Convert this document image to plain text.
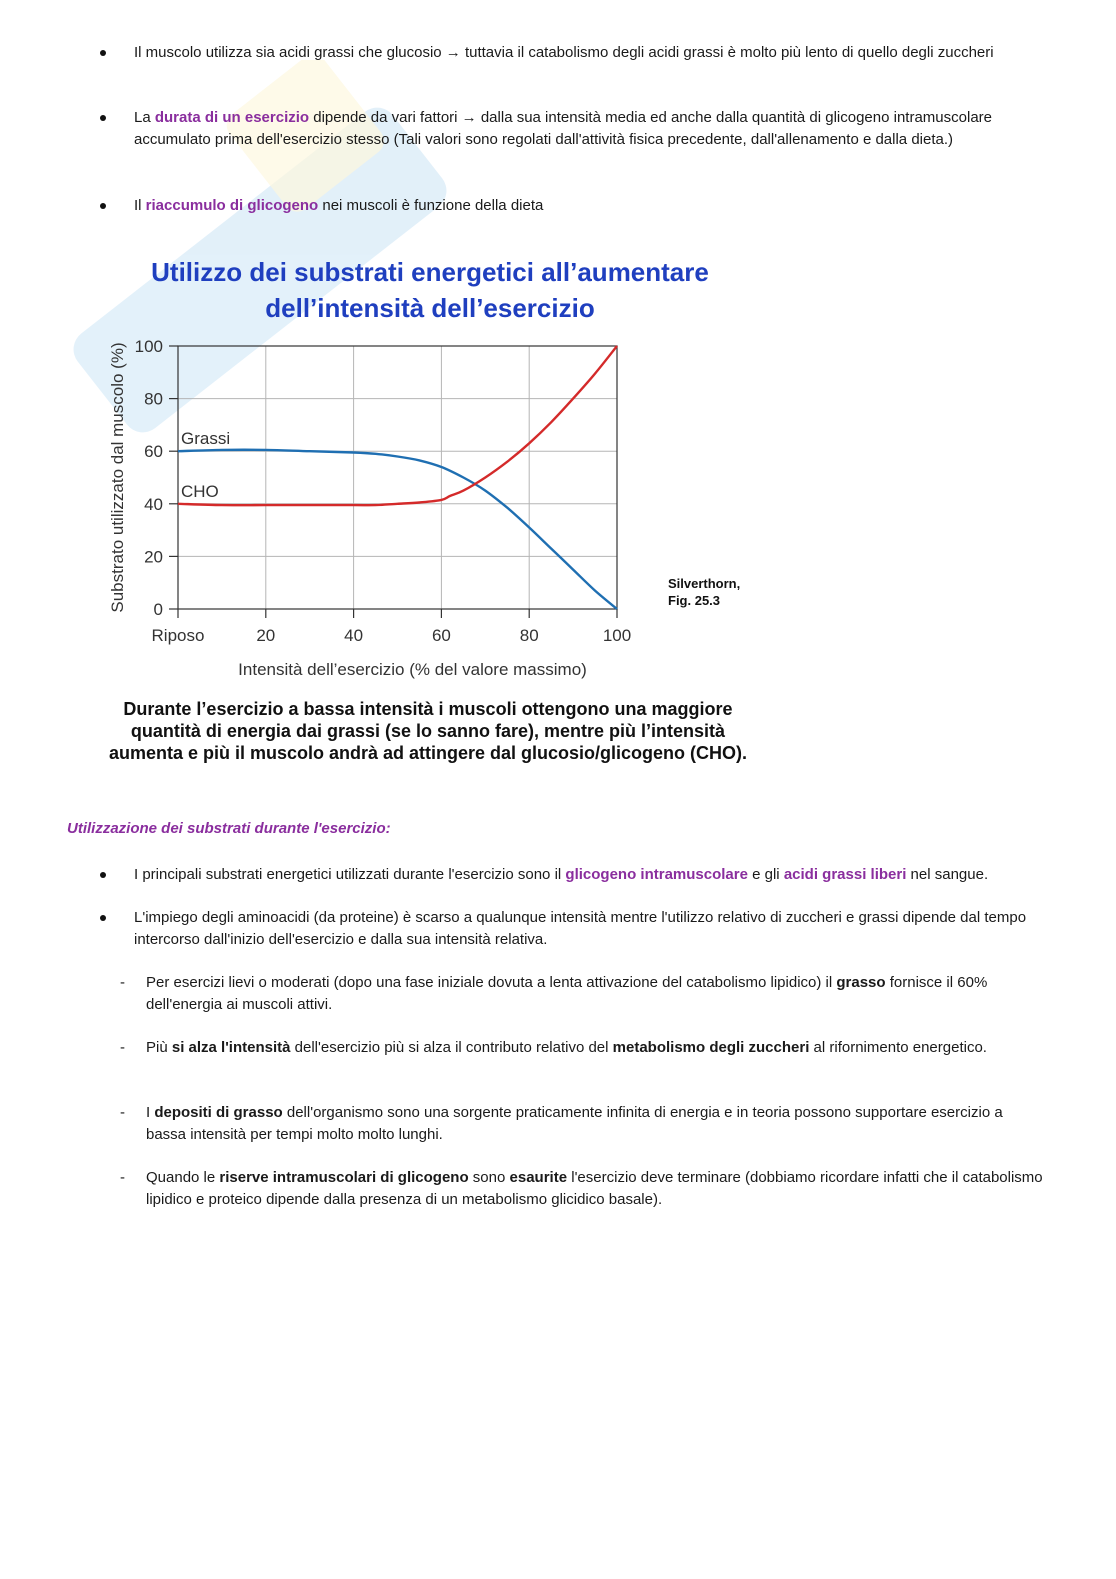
Il muscolo utilizza sia acidi grassi che glucosio → tuttavia il catabolismo degli acidi grassi è molto più lento di quello degli zuccheri
La durata di un esercizio dipende da vari fattori → dalla sua intensità media ed anche dalla quantità di glicogeno intramuscolare accumulato prima dell'esercizio stesso (Tali valori sono regolati dall'attività fisica precedente, dall'allenamento e dalla dieta.)
Il riaccumulo di glicogeno nei muscoli è funzione della dieta
Utilizzo dei substrati energetici all’aumentare
dell’intensità dell’esercizio
0
20
40
60
80
100
Riposo	20	40	60	80	100
Intensità dell’esercizio (% del valore massimo)
Substrato utilizzato dal muscolo (%)	Grassi
CHO
Silverthorn,
Fig. 25.3
Durante l’esercizio a bassa intensità i muscoli ottengono una maggiore
quantità di energia dai grassi (se lo sanno fare), mentre più l’intensità
aumenta e più il muscolo andrà ad attingere dal glucosio/glicogeno (CHO).
Utilizzazione dei substrati durante l'esercizio:
I principali substrati energetici utilizzati durante l'esercizio sono il glicogeno intramuscolare e gli acidi grassi liberi nel sangue.
L'impiego degli aminoacidi (da proteine) è scarso a qualunque intensità mentre l'utilizzo relativo di zuccheri e grassi dipende dal tempo intercorso dall'inizio dell'esercizio e dalla sua intensità relativa.
- Per esercizi lievi o moderati (dopo una fase iniziale dovuta a lenta attivazione del catabolismo lipidico) il grasso fornisce il 60% dell'energia ai muscoli attivi.
- Più si alza l'intensità dell'esercizio più si alza il contributo relativo del metabolismo degli zuccheri al rifornimento energetico.
- I depositi di grasso dell'organismo sono una sorgente praticamente infinita di energia e in teoria possono supportare esercizio a bassa intensità per tempi molto molto lunghi.
- Quando le riserve intramuscolari di glicogeno sono esaurite l'esercizio deve terminare (dobbiamo ricordare infatti che il catabolismo lipidico e proteico dipende dalla presenza di un metabolismo glicidico basale).
